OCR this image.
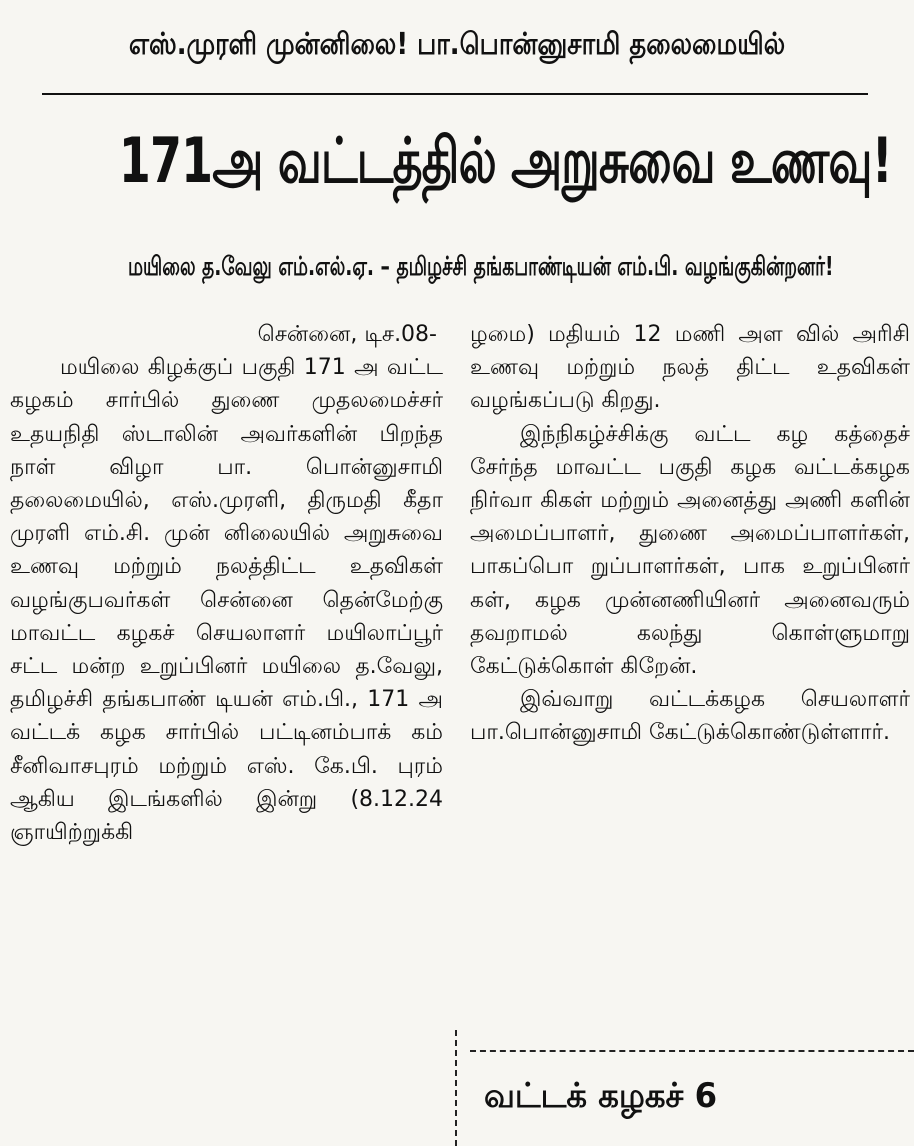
எஸ்.முரளி முன்னிலை! பா.பொன்னுசாமி தலைமையில்
171அ வட்டத்தில் அறுசுவை உணவு!
மயிலை த.வேலு எம்.எல்.ஏ. – தமிழச்சி தங்கபாண்டியன் எம்.பி. வழங்குகின்றனர்!
சென்னை, டிச.08-
மயிலை கிழக்குப் பகுதி 171 அ வட்ட கழகம் சார்பில் துணை முதலமைச்சர் உதயநிதி ஸ்டாலின் அவர்களின் பிறந்த நாள் விழா பா. பொன்னுசாமி தலைமையில், எஸ்.முரளி, திருமதி கீதா முரளி எம்.சி. முன் னிலையில் அறுசுவை உணவு மற்றும் நலத்திட்ட உதவிகள் வழங்குபவர்கள் சென்னை தென்மேற்கு மாவட்ட கழகச் செயலாளர் மயிலாப்பூர் சட்ட மன்ற உறுப்பினர் மயிலை த.வேலு, தமிழச்சி தங்கபாண் டியன் எம்.பி., 171 அ வட்டக் கழக சார்பில் பட்டினம்பாக் கம் சீனிவாசபுரம் மற்றும் எஸ். கே.பி. புரம் ஆகிய இடங்களில் இன்று (8.12.24 ஞாயிற்றுக்கி
ழமை) மதியம் 12 மணி அள வில் அரிசி உணவு மற்றும் நலத் திட்ட உதவிகள் வழங்கப்படு கிறது.
இந்நிகழ்ச்சிக்கு வட்ட கழ கத்தைச் சேர்ந்த மாவட்ட பகுதி கழக வட்டக்கழக நிர்வா கிகள் மற்றும் அனைத்து அணி களின் அமைப்பாளர், துணை அமைப்பாளர்கள், பாகப்பொ றுப்பாளர்கள், பாக உறுப்பினர் கள், கழக முன்னணியினர் அனைவரும் தவறாமல் கலந்து கொள்ளுமாறு கேட்டுக்கொள் கிறேன்.
இவ்வாறு வட்டக்கழக செயலாளர் பா.பொன்னுசாமி கேட்டுக்கொண்டுள்ளார்.
வட்டக் கழகச் 6
